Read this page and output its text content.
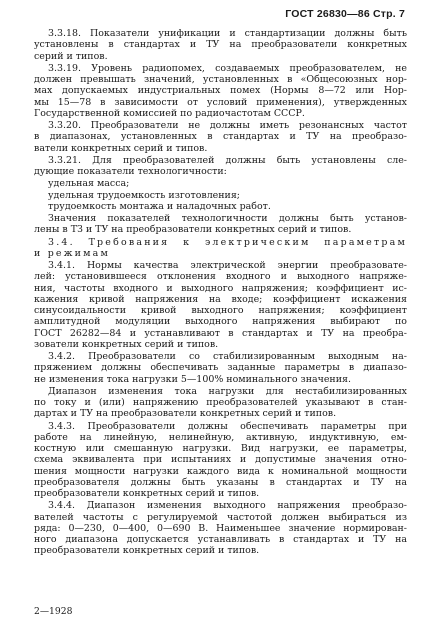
ГОСТ 26830—86 Стр. 7
3.3.18. Показатели унификации и стандартизации должны быть
установлены в стандартах и ТУ на преобразователи конкретных
серий и типов.
3.3.19. Уровень радиопомех, создаваемых преобразователем, не
должен превышать значений, установленных в «Общесоюзных нор-
мах допускаемых индустриальных помех (Нормы 8—72 или Нор-
мы 15—78 в зависимости от условий применения), утвержденных
Государственной комиссией по радиочастотам СССР.
3.3.20. Преобразователи не должны иметь резонансных частот
в диапазонах, установленных в стандартах и ТУ на преобразо-
ватели конкретных серий и типов.
3.3.21. Для преобразователей должны быть установлены сле-
дующие показатели технологичности:
удельная масса;
удельная трудоемкость изготовления;
трудоемкость монтажа и наладочных работ.
Значения показателей технологичности должны быть установ-
лены в ТЗ и ТУ на преобразователи конкретных серий и типов.
3.4. Требования к электрическим параметрам
и режимам
3.4.1. Нормы качества электрической энергии преобразовате-
лей: установившееся отклонения входного и выходного напряже-
ния, частоты входного и выходного напряжения; коэффициент ис-
кажения кривой напряжения на входе; коэффициент искажения
синусоидальности кривой выходного напряжения; коэффициент
амплитудной модуляции выходного напряжения выбирают по
ГОСТ 26282—84 и устанавливают в стандартах и ТУ на преобра-
зователи конкретных серий и типов.
3.4.2. Преобразователи со стабилизированным выходным на-
пряжением должны обеспечивать заданные параметры в диапазо-
не изменения тока нагрузки 5—100% номинального значения.
Диапазон изменения тока нагрузки для нестабилизированных
по току и (или) напряжению преобразователей указывают в стан-
дартах и ТУ на преобразователи конкретных серий и типов.
3.4.3. Преобразователи должны обеспечивать параметры при
работе на линейную, нелинейную, активную, индуктивную, ем-
костную или смешанную нагрузки. Вид нагрузки, ее параметры,
схема эквивалента при испытаниях и допустимые значения отно-
шения мощности нагрузки каждого вида к номинальной мощности
преобразователя должны быть указаны в стандартах и ТУ на
преобразователи конкретных серий и типов.
3.4.4. Диапазон изменения выходного напряжения преобразо-
вателей частоты с регулируемой частотой должен выбираться из
ряда: 0—230, 0—400, 0—690 В. Наименьшее значение нормирован-
ного диапазона допускается устанавливать в стандартах и ТУ на
преобразователи конкретных серий и типов.
2—1928
